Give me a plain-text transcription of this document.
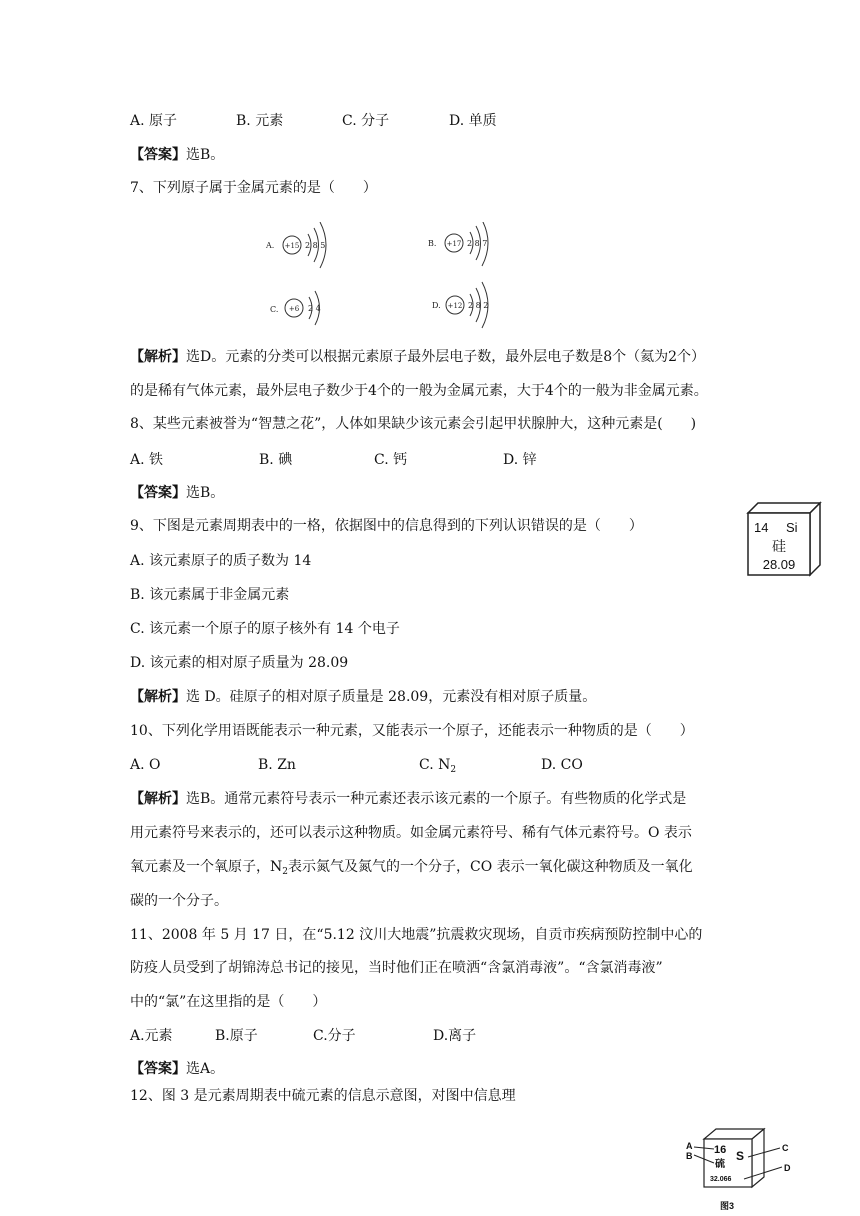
A. 原子	B. 元素	C. 分子	D. 单质
【答案】选B。
7、下列原子属于金属元素的是（　　）
A. +15 2 8 5	B. +17 2 8 7
C. +6 2 4	D. +12 2 8 2
【解析】选D。元素的分类可以根据元素原子最外层电子数，最外层电子数是8个（氦为2个）
的是稀有气体元素，最外层电子数少于4个的一般为金属元素，大于4个的一般为非金属元素。
8、某些元素被誉为“智慧之花”，人体如果缺少该元素会引起甲状腺肿大，这种元素是(　　)
A. 铁	B. 碘	C. 钙	D. 锌
【答案】选B。
9、下图是元素周期表中的一格，依据图中的信息得到的下列认识错误的是（　　）
A. 该元素原子的质子数为 14
B. 该元素属于非金属元素
C. 该元素一个原子的原子核外有 14 个电子
D. 该元素的相对原子质量为 28.09
【解析】选 D。硅原子的相对原子质量是 28.09，元素没有相对原子质量。
14 Si
硅
28.09
10、下列化学用语既能表示一种元素，又能表示一个原子，还能表示一种物质的是（　　）
A. O	B. Zn	C. $N_2$	D. CO
【解析】选B。通常元素符号表示一种元素还表示该元素的一个原子。有些物质的化学式是
用元素符号来表示的，还可以表示这种物质。如金属元素符号、稀有气体元素符号。O 表示
氧元素及一个氧原子，$N_2$表示氮气及氮气的一个分子，CO 表示一氧化碳这种物质及一氧化
碳的一个分子。
11、2008 年 5 月 17 日，在“5.12 汶川大地震”抗震救灾现场，自贡市疾病预防控制中心的
防疫人员受到了胡锦涛总书记的接见，当时他们正在喷洒“含氯消毒液”。“含氯消毒液”
中的“氯”在这里指的是（　　）
A.元素	B.原子	C.分子	D.离子
【答案】选A。
12、图 3 是元素周期表中硫元素的信息示意图，对图中信息理
16 S
硫
32.066
A
B
C
D
图3
